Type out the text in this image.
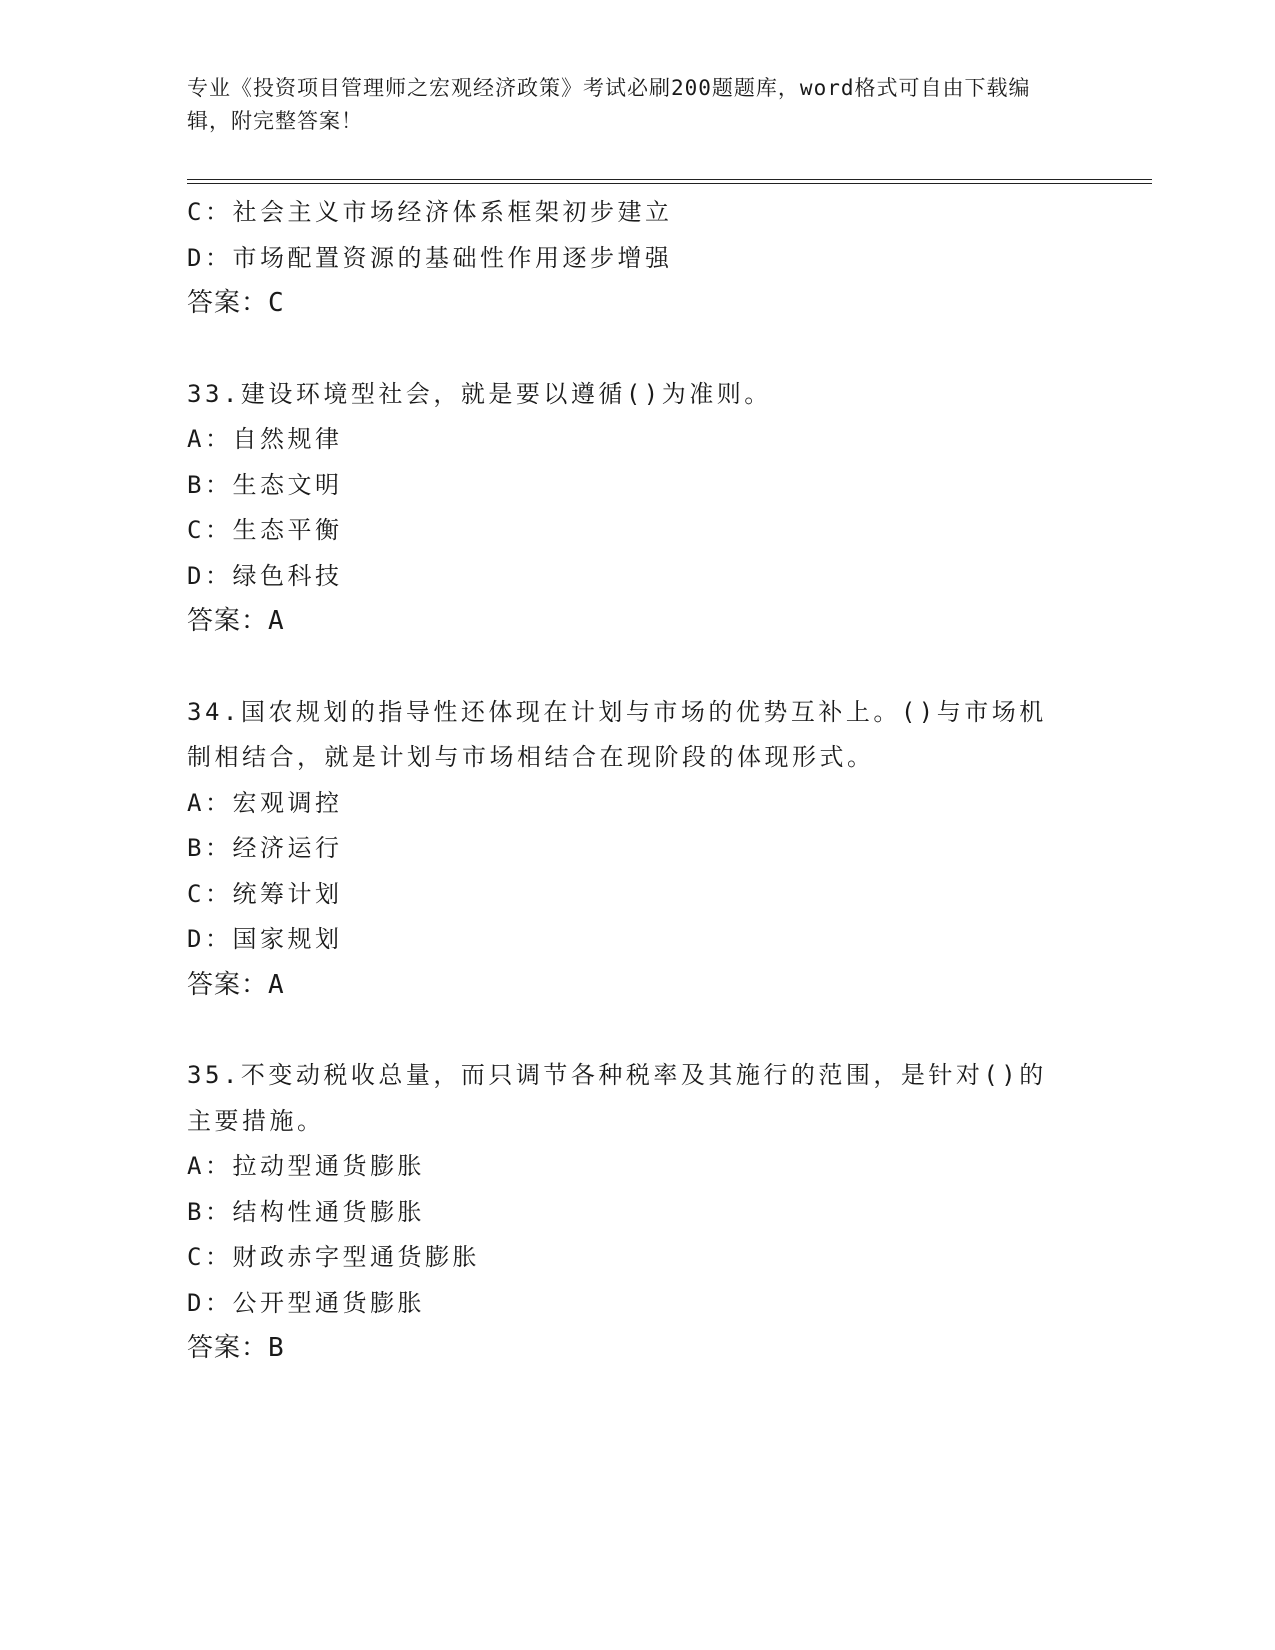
专业《投资项目管理师之宏观经济政策》考试必刷200题题库，word格式可自由下载编辑，附完整答案！
C：社会主义市场经济体系框架初步建立
D：市场配置资源的基础性作用逐步增强
答案：C
33.建设环境型社会，就是要以遵循()为准则。
A：自然规律
B：生态文明
C：生态平衡
D：绿色科技
答案：A
34.国农规划的指导性还体现在计划与市场的优势互补上。()与市场机制相结合，就是计划与市场相结合在现阶段的体现形式。
A：宏观调控
B：经济运行
C：统筹计划
D：国家规划
答案：A
35.不变动税收总量，而只调节各种税率及其施行的范围，是针对()的主要措施。
A：拉动型通货膨胀
B：结构性通货膨胀
C：财政赤字型通货膨胀
D：公开型通货膨胀
答案：B
